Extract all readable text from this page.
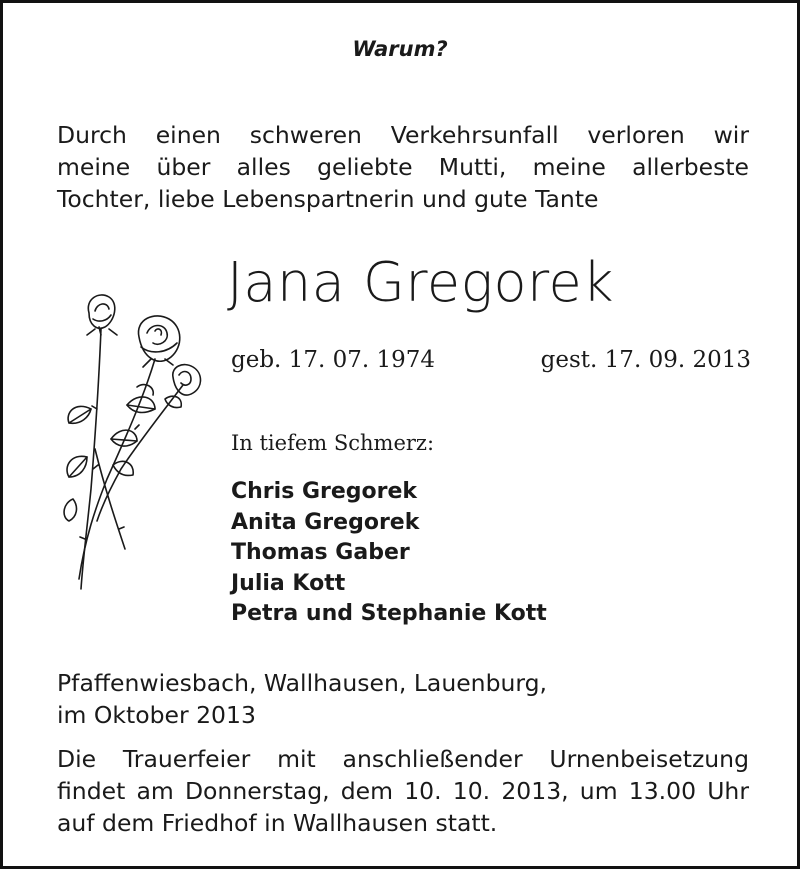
Warum?
Durch einen schweren Verkehrsunfall verloren wir
meine über alles geliebte Mutti, meine allerbeste
Tochter, liebe Lebenspartnerin und gute Tante
Jana Gregorek
geb. 17. 07. 1974	gest. 17. 09. 2013
In tiefem Schmerz:
Chris Gregorek
Anita Gregorek
Thomas Gaber
Julia Kott
Petra und Stephanie Kott
Pfaffenwiesbach, Wallhausen, Lauenburg,
im Oktober 2013
Die Trauerfeier mit anschließender Urnenbeisetzung
findet am Donnerstag, dem 10. 10. 2013, um 13.00 Uhr
auf dem Friedhof in Wallhausen statt.
